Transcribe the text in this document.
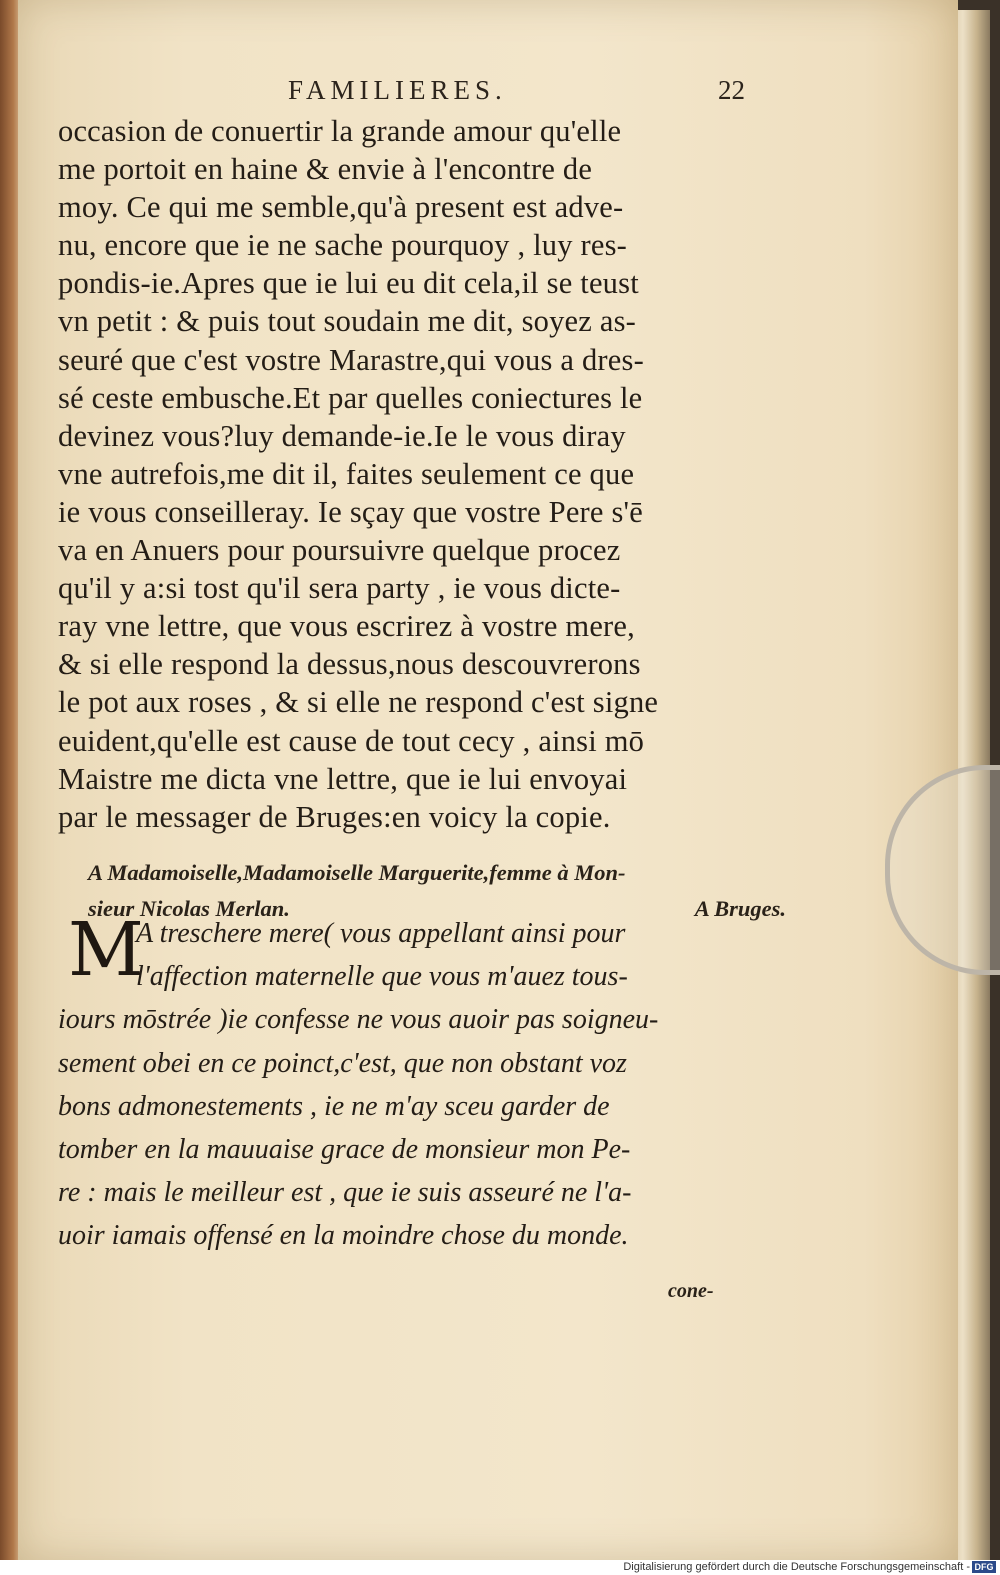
FAMILIERES.	22
occasion de conuertir la grande amour qu'elle
me portoit en haine & envie à l'encontre de
moy. Ce qui me semble,qu'à present est adve-
nu, encore que ie ne sache pourquoy , luy res-
pondis-ie.Apres que ie lui eu dit cela,il se teust
vn petit : & puis tout soudain me dit, soyez as-
seuré que c'est vostre Marastre,qui vous a dres-
sé ceste embusche.Et par quelles coniectures le
devinez vous?luy demande-ie.Ie le vous diray
vne autrefois,me dit il, faites seulement ce que
ie vous conseilleray. Ie sçay que vostre Pere s'ē
va en Anuers pour poursuivre quelque procez
qu'il y a:si tost qu'il sera party , ie vous dicte-
ray vne lettre, que vous escrirez à vostre mere,
& si elle respond la dessus,nous descouvrerons
le pot aux roses , & si elle ne respond c'est signe
euident,qu'elle est cause de tout cecy , ainsi mō
Maistre me dicta vne lettre, que ie lui envoyai
par le messager de Bruges:en voicy la copie.
A Madamoiselle,Madamoiselle Marguerite,femme à Mon-
sieur Nicolas Merlan.	A Bruges.
M
A treschere mere( vous appellant ainsi pour
l'affection maternelle que vous m'auez tous-
iours mōstrée )ie confesse ne vous auoir pas soigneu-
sement obei en ce poinct,c'est, que non obstant voz
bons admonestements , ie ne m'ay sceu garder de
tomber en la mauuaise grace de monsieur mon Pe-
re : mais le meilleur est , que ie suis asseuré ne l'a-
uoir iamais offensé en la moindre chose du monde.
cone-
Digitalisierung gefördert durch die Deutsche Forschungsgemeinschaft - DFG
